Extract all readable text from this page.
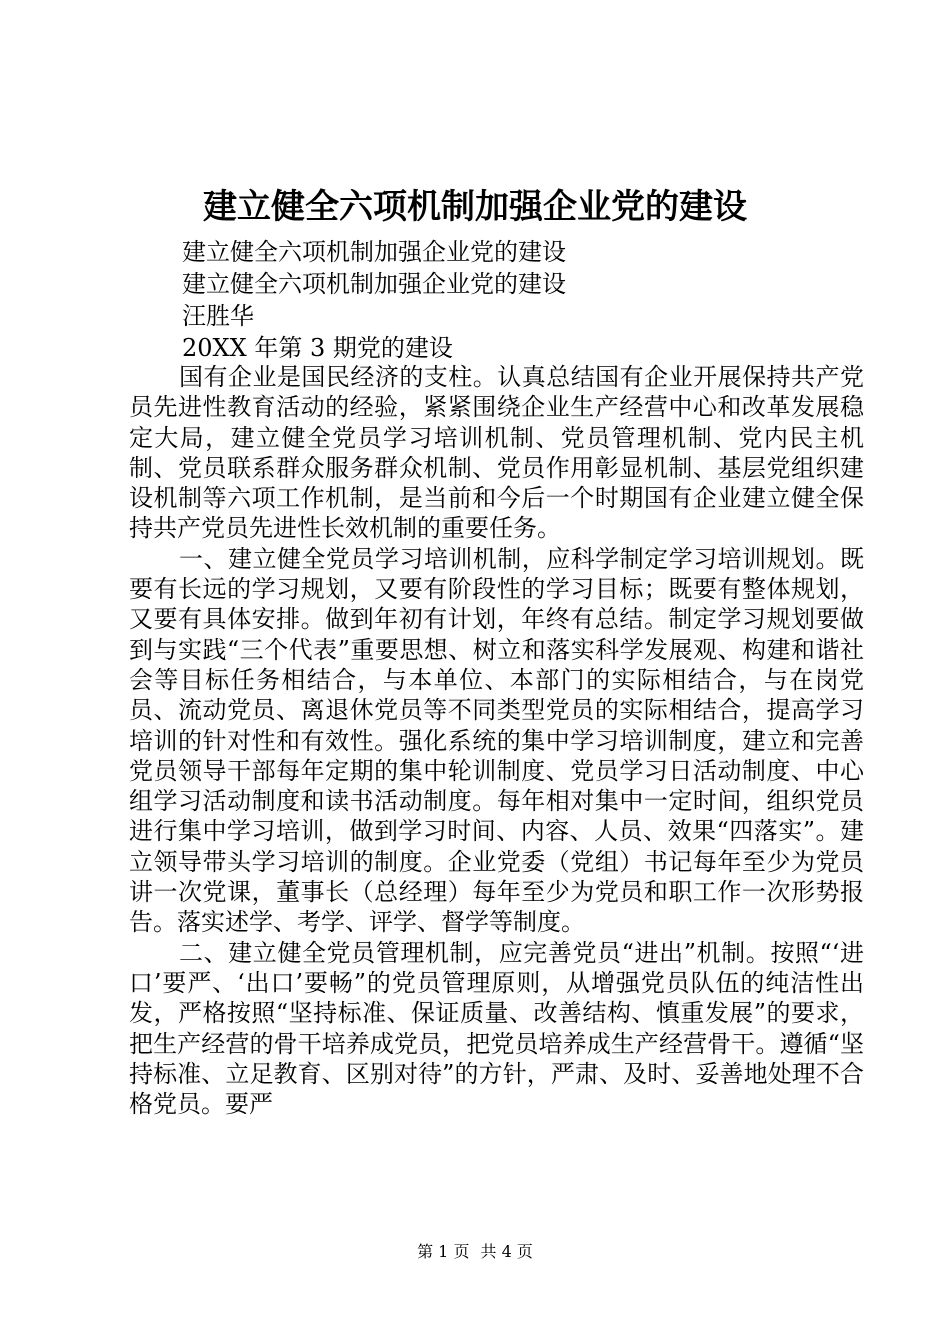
建立健全六项机制加强企业党的建设
建立健全六项机制加强企业党的建设
建立健全六项机制加强企业党的建设
汪胜华
20XX 年第 3 期党的建设

国有企业是国民经济的支柱。认真总结国有企业开展保持共产党员先进性教育活动的经验，紧紧围绕企业生产经营中心和改革发展稳定大局，建立健全党员学习培训机制、党员管理机制、党内民主机制、党员联系群众服务群众机制、党员作用彰显机制、基层党组织建设机制等六项工作机制，是当前和今后一个时期国有企业建立健全保持共产党员先进性长效机制的重要任务。

一、建立健全党员学习培训机制，应科学制定学习培训规划。既要有长远的学习规划，又要有阶段性的学习目标；既要有整体规划，又要有具体安排。做到年初有计划，年终有总结。制定学习规划要做到与实践“三个代表”重要思想、树立和落实科学发展观、构建和谐社会等目标任务相结合，与本单位、本部门的实际相结合，与在岗党员、流动党员、离退休党员等不同类型党员的实际相结合，提高学习培训的针对性和有效性。强化系统的集中学习培训制度，建立和完善党员领导干部每年定期的集中轮训制度、党员学习日活动制度、中心组学习活动制度和读书活动制度。每年相对集中一定时间，组织党员进行集中学习培训，做到学习时间、内容、人员、效果“四落实”。建立领导带头学习培训的制度。企业党委（党组）书记每年至少为党员讲一次党课，董事长（总经理）每年至少为党员和职工作一次形势报告。落实述学、考学、评学、督学等制度。

二、建立健全党员管理机制，应完善党员“进出”机制。按照“‘进口’要严、‘出口’要畅”的党员管理原则，从增强党员队伍的纯洁性出发，严格按照“坚持标准、保证质量、改善结构、慎重发展”的要求，把生产经营的骨干培养成党员，把党员培养成生产经营骨干。遵循“坚持标准、立足教育、区别对待”的方针，严肃、及时、妥善地处理不合格党员。要严

第 1 页 共 4 页
